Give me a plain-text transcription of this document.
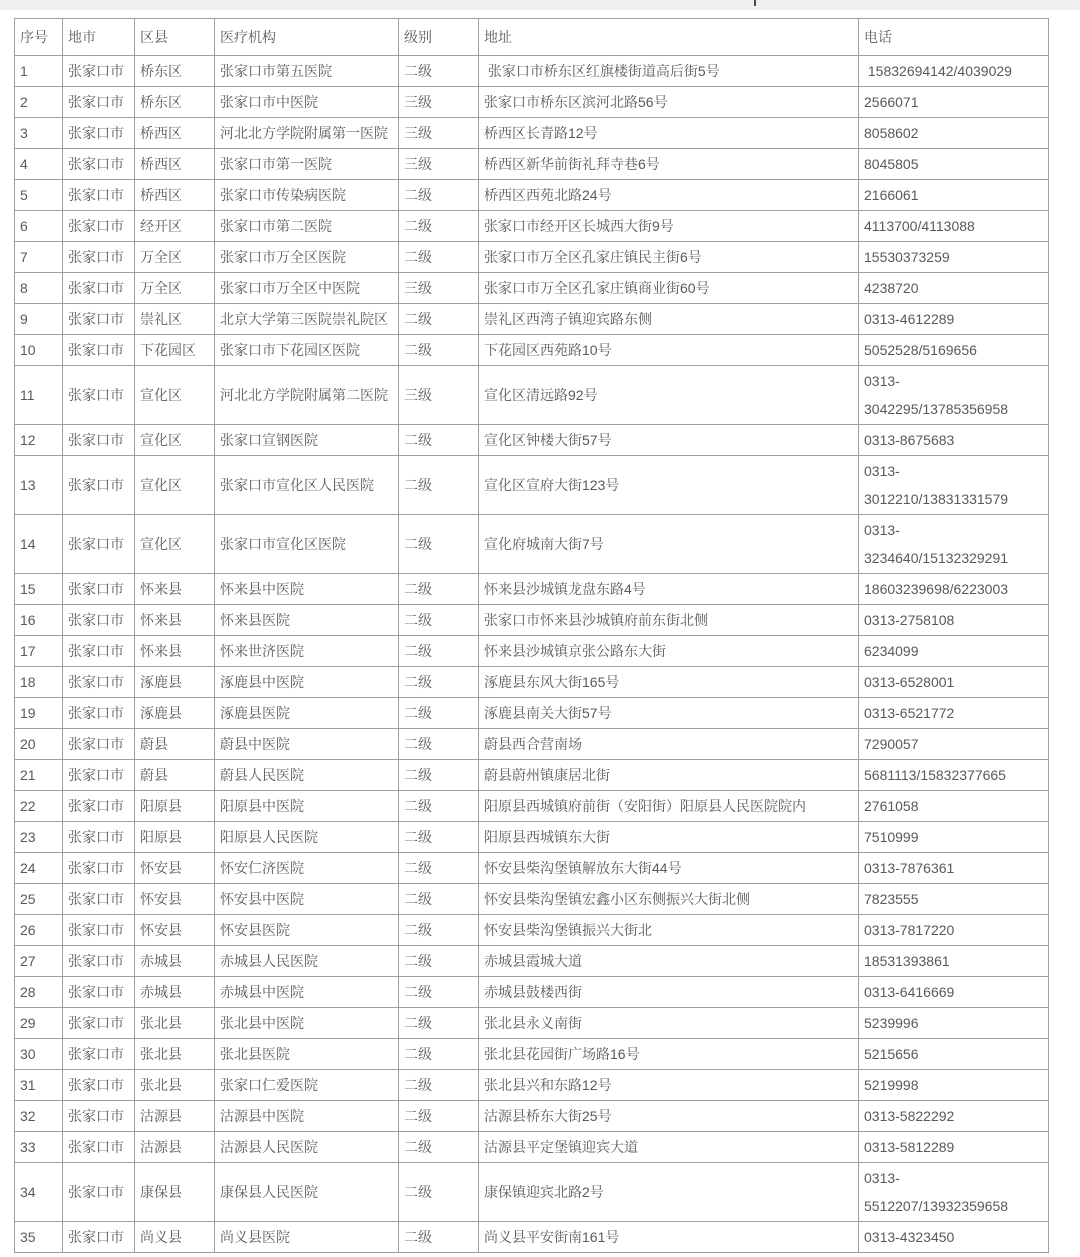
序号	地市	区县	医疗机构	级别	地址	电话
1	张家口市	桥东区	张家口市第五医院	二级	张家口市桥东区红旗楼街道高后街5号	15832694142/4039029
2	张家口市	桥东区	张家口市中医院	三级	张家口市桥东区滨河北路56号	2566071
3	张家口市	桥西区	河北北方学院附属第一医院	三级	桥西区长青路12号	8058602
4	张家口市	桥西区	张家口市第一医院	三级	桥西区新华前街礼拜寺巷6号	8045805
5	张家口市	桥西区	张家口市传染病医院	二级	桥西区西苑北路24号	2166061
6	张家口市	经开区	张家口市第二医院	二级	张家口市经开区长城西大街9号	4113700/4113088
7	张家口市	万全区	张家口市万全区医院	二级	张家口市万全区孔家庄镇民主街6号	15530373259
8	张家口市	万全区	张家口市万全区中医院	三级	张家口市万全区孔家庄镇商业街60号	4238720
9	张家口市	崇礼区	北京大学第三医院崇礼院区	二级	崇礼区西湾子镇迎宾路东侧	0313-4612289
10	张家口市	下花园区	张家口市下花园区医院	二级	下花园区西苑路10号	5052528/5169656
11	张家口市	宣化区	河北北方学院附属第二医院	三级	宣化区清远路92号	0313-3042295/13785356958
12	张家口市	宣化区	张家口宣钢医院	二级	宣化区钟楼大街57号	0313-8675683
13	张家口市	宣化区	张家口市宣化区人民医院	二级	宣化区宣府大街123号	0313-3012210/13831331579
14	张家口市	宣化区	张家口市宣化区医院	二级	宣化府城南大街7号	0313-3234640/15132329291
15	张家口市	怀来县	怀来县中医院	二级	怀来县沙城镇龙盘东路4号	18603239698/6223003
16	张家口市	怀来县	怀来县医院	二级	张家口市怀来县沙城镇府前东街北侧	0313-2758108
17	张家口市	怀来县	怀来世济医院	二级	怀来县沙城镇京张公路东大街	6234099
18	张家口市	涿鹿县	涿鹿县中医院	二级	涿鹿县东风大街165号	0313-6528001
19	张家口市	涿鹿县	涿鹿县医院	二级	涿鹿县南关大街57号	0313-6521772
20	张家口市	蔚县	蔚县中医院	二级	蔚县西合营南场	7290057
21	张家口市	蔚县	蔚县人民医院	二级	蔚县蔚州镇康居北街	5681113/15832377665
22	张家口市	阳原县	阳原县中医院	二级	阳原县西城镇府前街（安阳街）阳原县人民医院院内	2761058
23	张家口市	阳原县	阳原县人民医院	二级	阳原县西城镇东大街	7510999
24	张家口市	怀安县	怀安仁济医院	二级	怀安县柴沟堡镇解放东大街44号	0313-7876361
25	张家口市	怀安县	怀安县中医院	二级	怀安县柴沟堡镇宏鑫小区东侧振兴大街北侧	7823555
26	张家口市	怀安县	怀安县医院	二级	怀安县柴沟堡镇振兴大街北	0313-7817220
27	张家口市	赤城县	赤城县人民医院	二级	赤城县霞城大道	18531393861
28	张家口市	赤城县	赤城县中医院	二级	赤城县鼓楼西街	0313-6416669
29	张家口市	张北县	张北县中医院	二级	张北县永义南街	5239996
30	张家口市	张北县	张北县医院	二级	张北县花园街广场路16号	5215656
31	张家口市	张北县	张家口仁爱医院	二级	张北县兴和东路12号	5219998
32	张家口市	沽源县	沽源县中医院	二级	沽源县桥东大街25号	0313-5822292
33	张家口市	沽源县	沽源县人民医院	二级	沽源县平定堡镇迎宾大道	0313-5812289
34	张家口市	康保县	康保县人民医院	二级	康保镇迎宾北路2号	0313-5512207/13932359658
35	张家口市	尚义县	尚义县医院	二级	尚义县平安街南161号	0313-4323450
